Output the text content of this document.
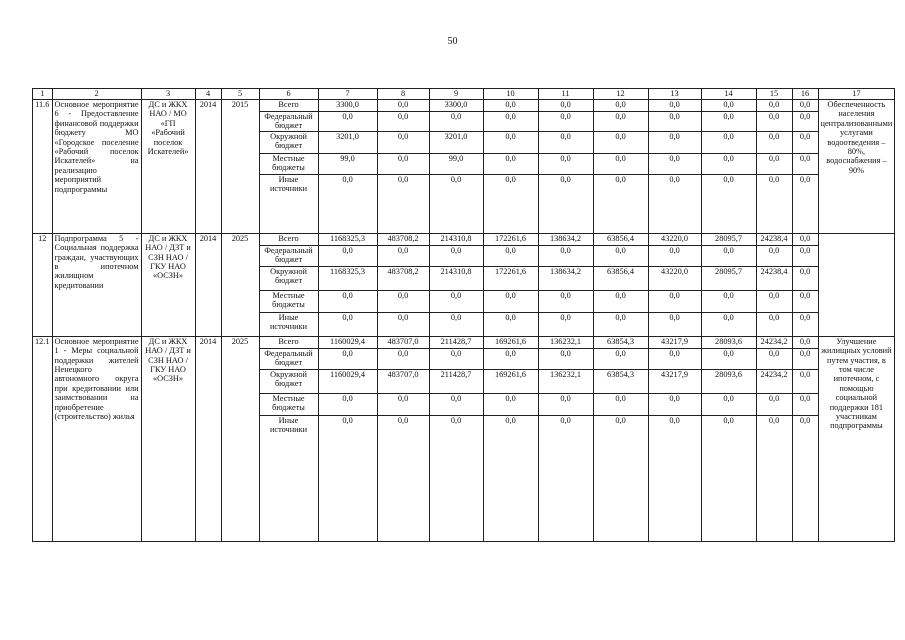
50
1	2	3	4	5	6	7	8	9	10	11	12	13	14	15	16	17
11.6	Основное мероприятие 6 - Предоставление финансовой поддержки бюджету МО «Городское поселение «Рабочий поселок Искателей» на реализацию мероприятий подпрограммы	ДС и ЖКХ НАО / МО «ГП «Рабочий поселок Искателей»	2014	2015	Всего	3300,0	0,0	3300,0	0,0	0,0	0,0	0,0	0,0	0,0	0,0	Обеспеченность населения централизованными услугами водоотведения – 80%, водоснабжения –90%
					Федеральный бюджет	0,0	0,0	0,0	0,0	0,0	0,0	0,0	0,0	0,0	0,0	
					Окружной бюджет	3201,0	0,0	3201,0	0,0	0,0	0,0	0,0	0,0	0,0	0,0	
					Местные бюджеты	99,0	0,0	99,0	0,0	0,0	0,0	0,0	0,0	0,0	0,0	
					Иные источники	0,0	0,0	0,0	0,0	0,0	0,0	0,0	0,0	0,0	0,0	
12	Подпрограмма 5 - Социальная поддержка граждан, участвующих в ипотечном жилищном кредитовании	ДС и ЖКХ НАО / ДЗТ и СЗН НАО / ГКУ НАО «ОСЗН»	2014	2025	Всего	1168325,3	483708,2	214310,8	172261,6	138634,2	63856,4	43220,0	28095,7	24238,4	0,0	
					Федеральный бюджет	0,0	0,0	0,0	0,0	0,0	0,0	0,0	0,0	0,0	0,0	
					Окружной бюджет	1168325,3	483708,2	214310,8	172261,6	138634,2	63856,4	43220,0	28095,7	24238,4	0,0	
					Местные бюджеты	0,0	0,0	0,0	0,0	0,0	0,0	0,0	0,0	0,0	0,0	
					Иные источники	0,0	0,0	0,0	0,0	0,0	0,0	0,0	0,0	0,0	0,0	
12.1	Основное мероприятие 1 - Меры социальной поддержки жителей Ненецкого автономного округа при кредитовании или заимствовании на приобретение (строительство) жилья	ДС и ЖКХ НАО / ДЗТ и СЗН НАО / ГКУ НАО «ОСЗН»	2014	2025	Всего	1160029,4	483707,0	211428,7	169261,6	136232,1	63854,3	43217,9	28093,6	24234,2	0,0	Улучшение жилищных условий путем участия, в том числе ипотечном, с помощью социальной поддержки 181 участникам подпрограммы
					Федеральный бюджет	0,0	0,0	0,0	0,0	0,0	0,0	0,0	0,0	0,0	0,0	
					Окружной бюджет	1160029,4	483707,0	211428,7	169261,6	136232,1	63854,3	43217,9	28093,6	24234,2	0,0	
					Местные бюджеты	0,0	0,0	0,0	0,0	0,0	0,0	0,0	0,0	0,0	0,0	
					Иные источники	0,0	0,0	0,0	0,0	0,0	0,0	0,0	0,0	0,0	0,0	
